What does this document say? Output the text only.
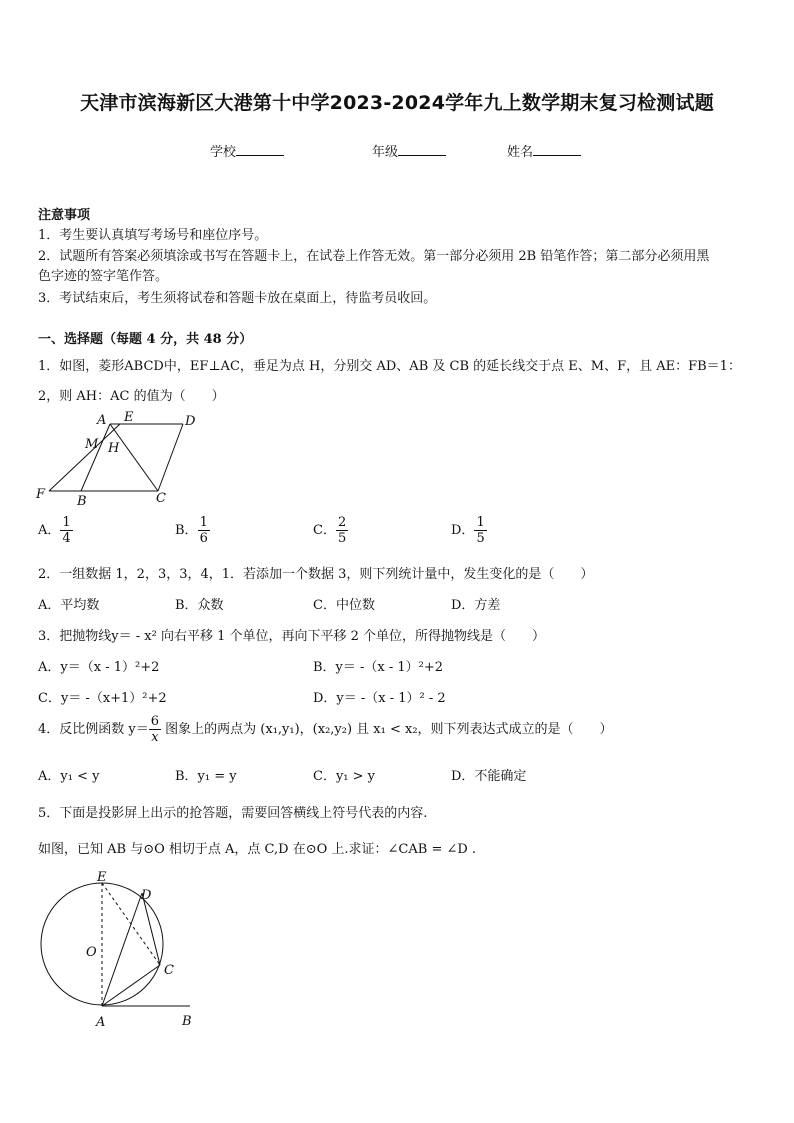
天津市滨海新区大港第十中学2023-2024学年九上数学期末复习检测试题
学校	年级	姓名
注意事项
1．考生要认真填写考场号和座位序号。
2．试题所有答案必须填涂或书写在答题卡上，在试卷上作答无效。第一部分必须用 2B 铅笔作答；第二部分必须用黑
色字迹的签字笔作答。
3．考试结束后，考生须将试卷和答题卡放在桌面上，待监考员收回。
一、选择题（每题 4 分，共 48 分）
1．如图，菱形ABCD中，EF⊥AC，垂足为点 H，分别交 AD、AB 及 CB 的延长线交于点 E、M、F，且 AE：FB＝1：
2，则 AH：AC 的值为（　　）
A E	D
M H
F B	C
A． $\frac{1}{4}$	B． $\frac{1}{6}$	C． $\frac{2}{5}$	D． $\frac{1}{5}$
2．一组数据 1，2，3，3，4，1．若添加一个数据 3，则下列统计量中，发生变化的是（　　）
A．平均数	B．众数	C．中位数	D．方差
3．把抛物线y＝ - x² 向右平移 1 个单位，再向下平移 2 个单位，所得抛物线是（　　）
A．y＝（x - 1）²+2	B．y＝ -（x - 1）²+2
C．y＝ -（x+1）²+2	D．y＝ -（x - 1）² - 2
4．反比例函数 $y= \frac{6}{x}$ 图象上的两点为 (x₁,y₁)，(x₂,y₂) 且 x₁ < x₂，则下列表达式成立的是（　　）
A．y₁ < y	B．y₁ = y	C．y₁ > y	D．不能确定
5．下面是投影屏上出示的抢答题，需要回答横线上符号代表的内容.
如图，已知 AB 与⊙O 相切于点 A，点 C,D 在⊙O 上.求证：∠CAB = ∠D .
E
D
O
C
A	B
